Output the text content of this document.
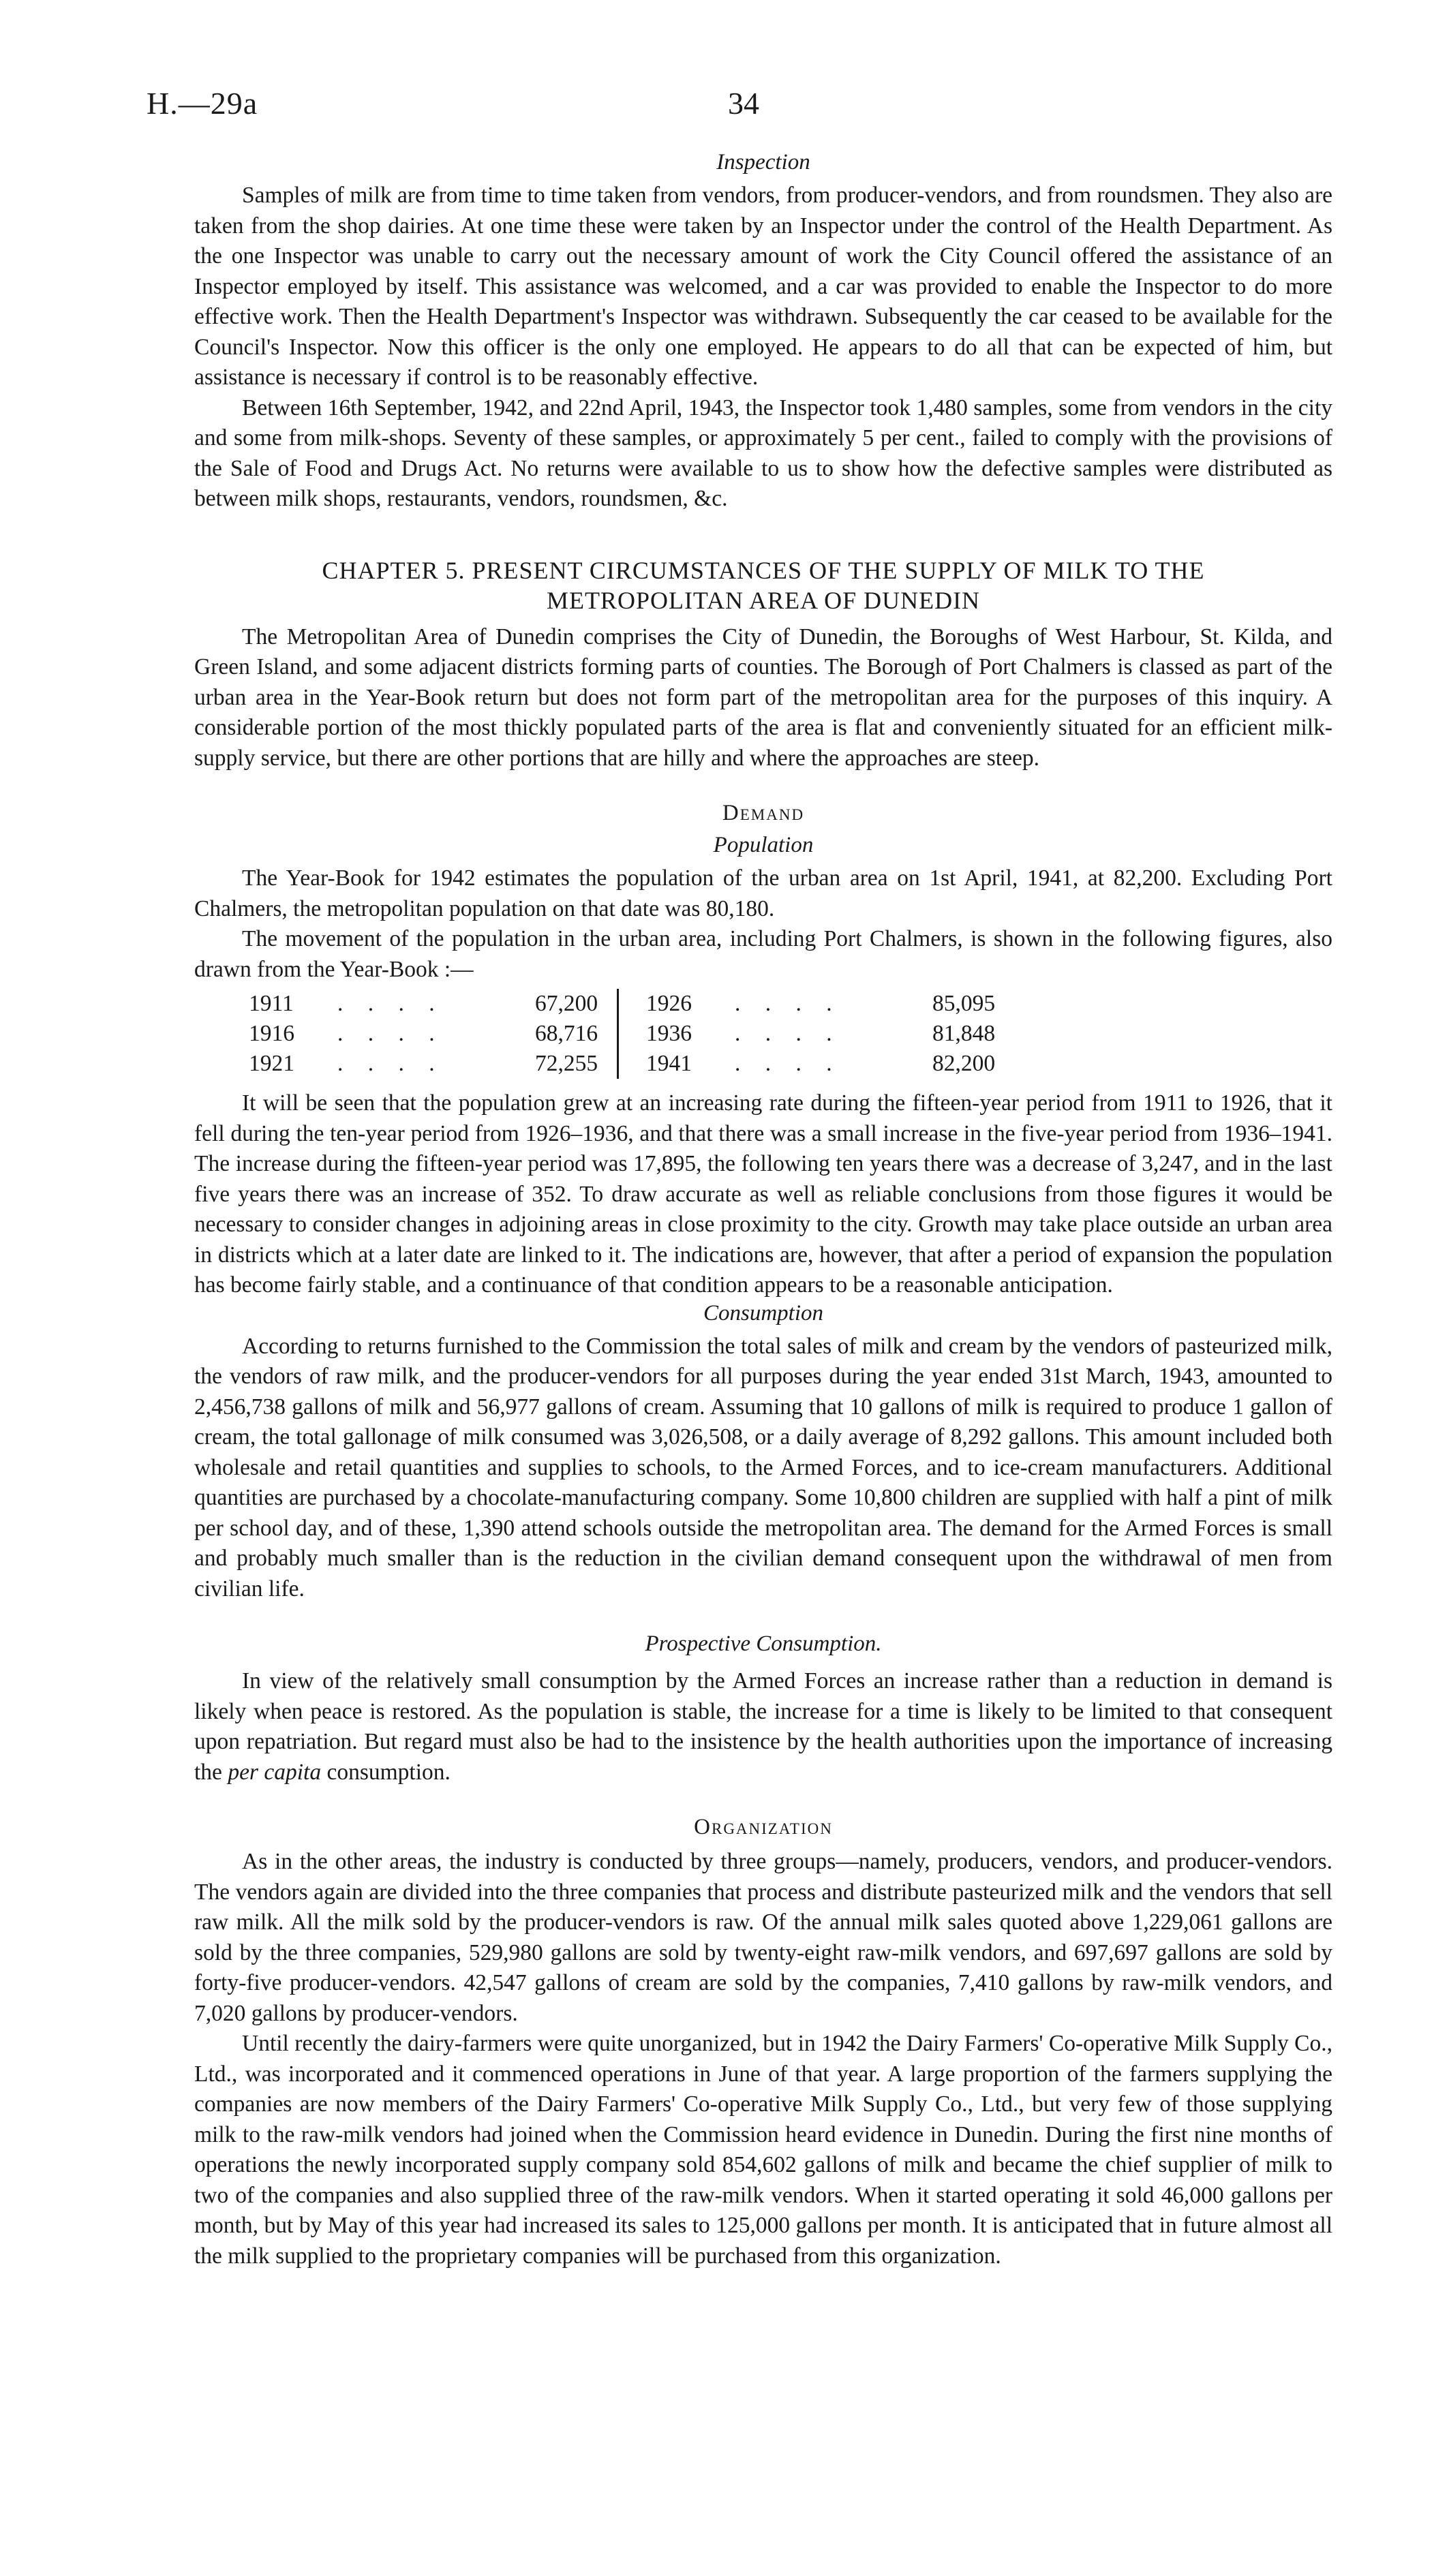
H.—29a	34
Inspection

Samples of milk are from time to time taken from vendors, from producer-vendors, and from roundsmen. They also are taken from the shop dairies. At one time these were taken by an Inspector under the control of the Health Department. As the one Inspector was unable to carry out the necessary amount of work the City Council offered the assistance of an Inspector employed by itself. This assistance was welcomed, and a car was provided to enable the Inspector to do more effective work. Then the Health Department's Inspector was withdrawn. Subsequently the car ceased to be available for the Council's Inspector. Now this officer is the only one employed. He appears to do all that can be expected of him, but assistance is necessary if control is to be reasonably effective.

Between 16th September, 1942, and 22nd April, 1943, the Inspector took 1,480 samples, some from vendors in the city and some from milk-shops. Seventy of these samples, or approximately 5 per cent., failed to comply with the provisions of the Sale of Food and Drugs Act. No returns were available to us to show how the defective samples were distributed as between milk shops, restaurants, vendors, roundsmen, &c.

CHAPTER 5. PRESENT CIRCUMSTANCES OF THE SUPPLY OF MILK TO THE
METROPOLITAN AREA OF DUNEDIN

The Metropolitan Area of Dunedin comprises the City of Dunedin, the Boroughs of West Harbour, St. Kilda, and Green Island, and some adjacent districts forming parts of counties. The Borough of Port Chalmers is classed as part of the urban area in the Year-Book return but does not form part of the metropolitan area for the purposes of this inquiry. A considerable portion of the most thickly populated parts of the area is flat and conveniently situated for an efficient milk-supply service, but there are other portions that are hilly and where the approaches are steep.

Demand
Population

The Year-Book for 1942 estimates the population of the urban area on 1st April, 1941, at 82,200. Excluding Port Chalmers, the metropolitan population on that date was 80,180.

The movement of the population in the urban area, including Port Chalmers, is shown in the following figures, also drawn from the Year-Book :—

1911	. . . .	67,200		1926	. . . .	85,095
1916	. . . .	68,716		1936	. . . .	81,848
1921	. . . .	72,255		1941	. . . .	82,200

It will be seen that the population grew at an increasing rate during the fifteen-year period from 1911 to 1926, that it fell during the ten-year period from 1926–1936, and that there was a small increase in the five-year period from 1936–1941. The increase during the fifteen-year period was 17,895, the following ten years there was a decrease of 3,247, and in the last five years there was an increase of 352. To draw accurate as well as reliable conclusions from those figures it would be necessary to consider changes in adjoining areas in close proximity to the city. Growth may take place outside an urban area in districts which at a later date are linked to it. The indications are, however, that after a period of expansion the population has become fairly stable, and a continuance of that condition appears to be a reasonable anticipation.

Consumption

According to returns furnished to the Commission the total sales of milk and cream by the vendors of pasteurized milk, the vendors of raw milk, and the producer-vendors for all purposes during the year ended 31st March, 1943, amounted to 2,456,738 gallons of milk and 56,977 gallons of cream. Assuming that 10 gallons of milk is required to produce 1 gallon of cream, the total gallonage of milk consumed was 3,026,508, or a daily average of 8,292 gallons. This amount included both wholesale and retail quantities and supplies to schools, to the Armed Forces, and to ice-cream manufacturers. Additional quantities are purchased by a chocolate-manufacturing company. Some 10,800 children are supplied with half a pint of milk per school day, and of these, 1,390 attend schools outside the metropolitan area. The demand for the Armed Forces is small and probably much smaller than is the reduction in the civilian demand consequent upon the withdrawal of men from civilian life.

Prospective Consumption.

In view of the relatively small consumption by the Armed Forces an increase rather than a reduction in demand is likely when peace is restored. As the population is stable, the increase for a time is likely to be limited to that consequent upon repatriation. But regard must also be had to the insistence by the health authorities upon the importance of increasing the per capita consumption.

Organization

As in the other areas, the industry is conducted by three groups—namely, producers, vendors, and producer-vendors. The vendors again are divided into the three companies that process and distribute pasteurized milk and the vendors that sell raw milk. All the milk sold by the producer-vendors is raw. Of the annual milk sales quoted above 1,229,061 gallons are sold by the three companies, 529,980 gallons are sold by twenty-eight raw-milk vendors, and 697,697 gallons are sold by forty-five producer-vendors. 42,547 gallons of cream are sold by the companies, 7,410 gallons by raw-milk vendors, and 7,020 gallons by producer-vendors.

Until recently the dairy-farmers were quite unorganized, but in 1942 the Dairy Farmers' Co-operative Milk Supply Co., Ltd., was incorporated and it commenced operations in June of that year. A large proportion of the farmers supplying the companies are now members of the Dairy Farmers' Co-operative Milk Supply Co., Ltd., but very few of those supplying milk to the raw-milk vendors had joined when the Commission heard evidence in Dunedin. During the first nine months of operations the newly incorporated supply company sold 854,602 gallons of milk and became the chief supplier of milk to two of the companies and also supplied three of the raw-milk vendors. When it started operating it sold 46,000 gallons per month, but by May of this year had increased its sales to 125,000 gallons per month. It is anticipated that in future almost all the milk supplied to the proprietary companies will be purchased from this organization.
